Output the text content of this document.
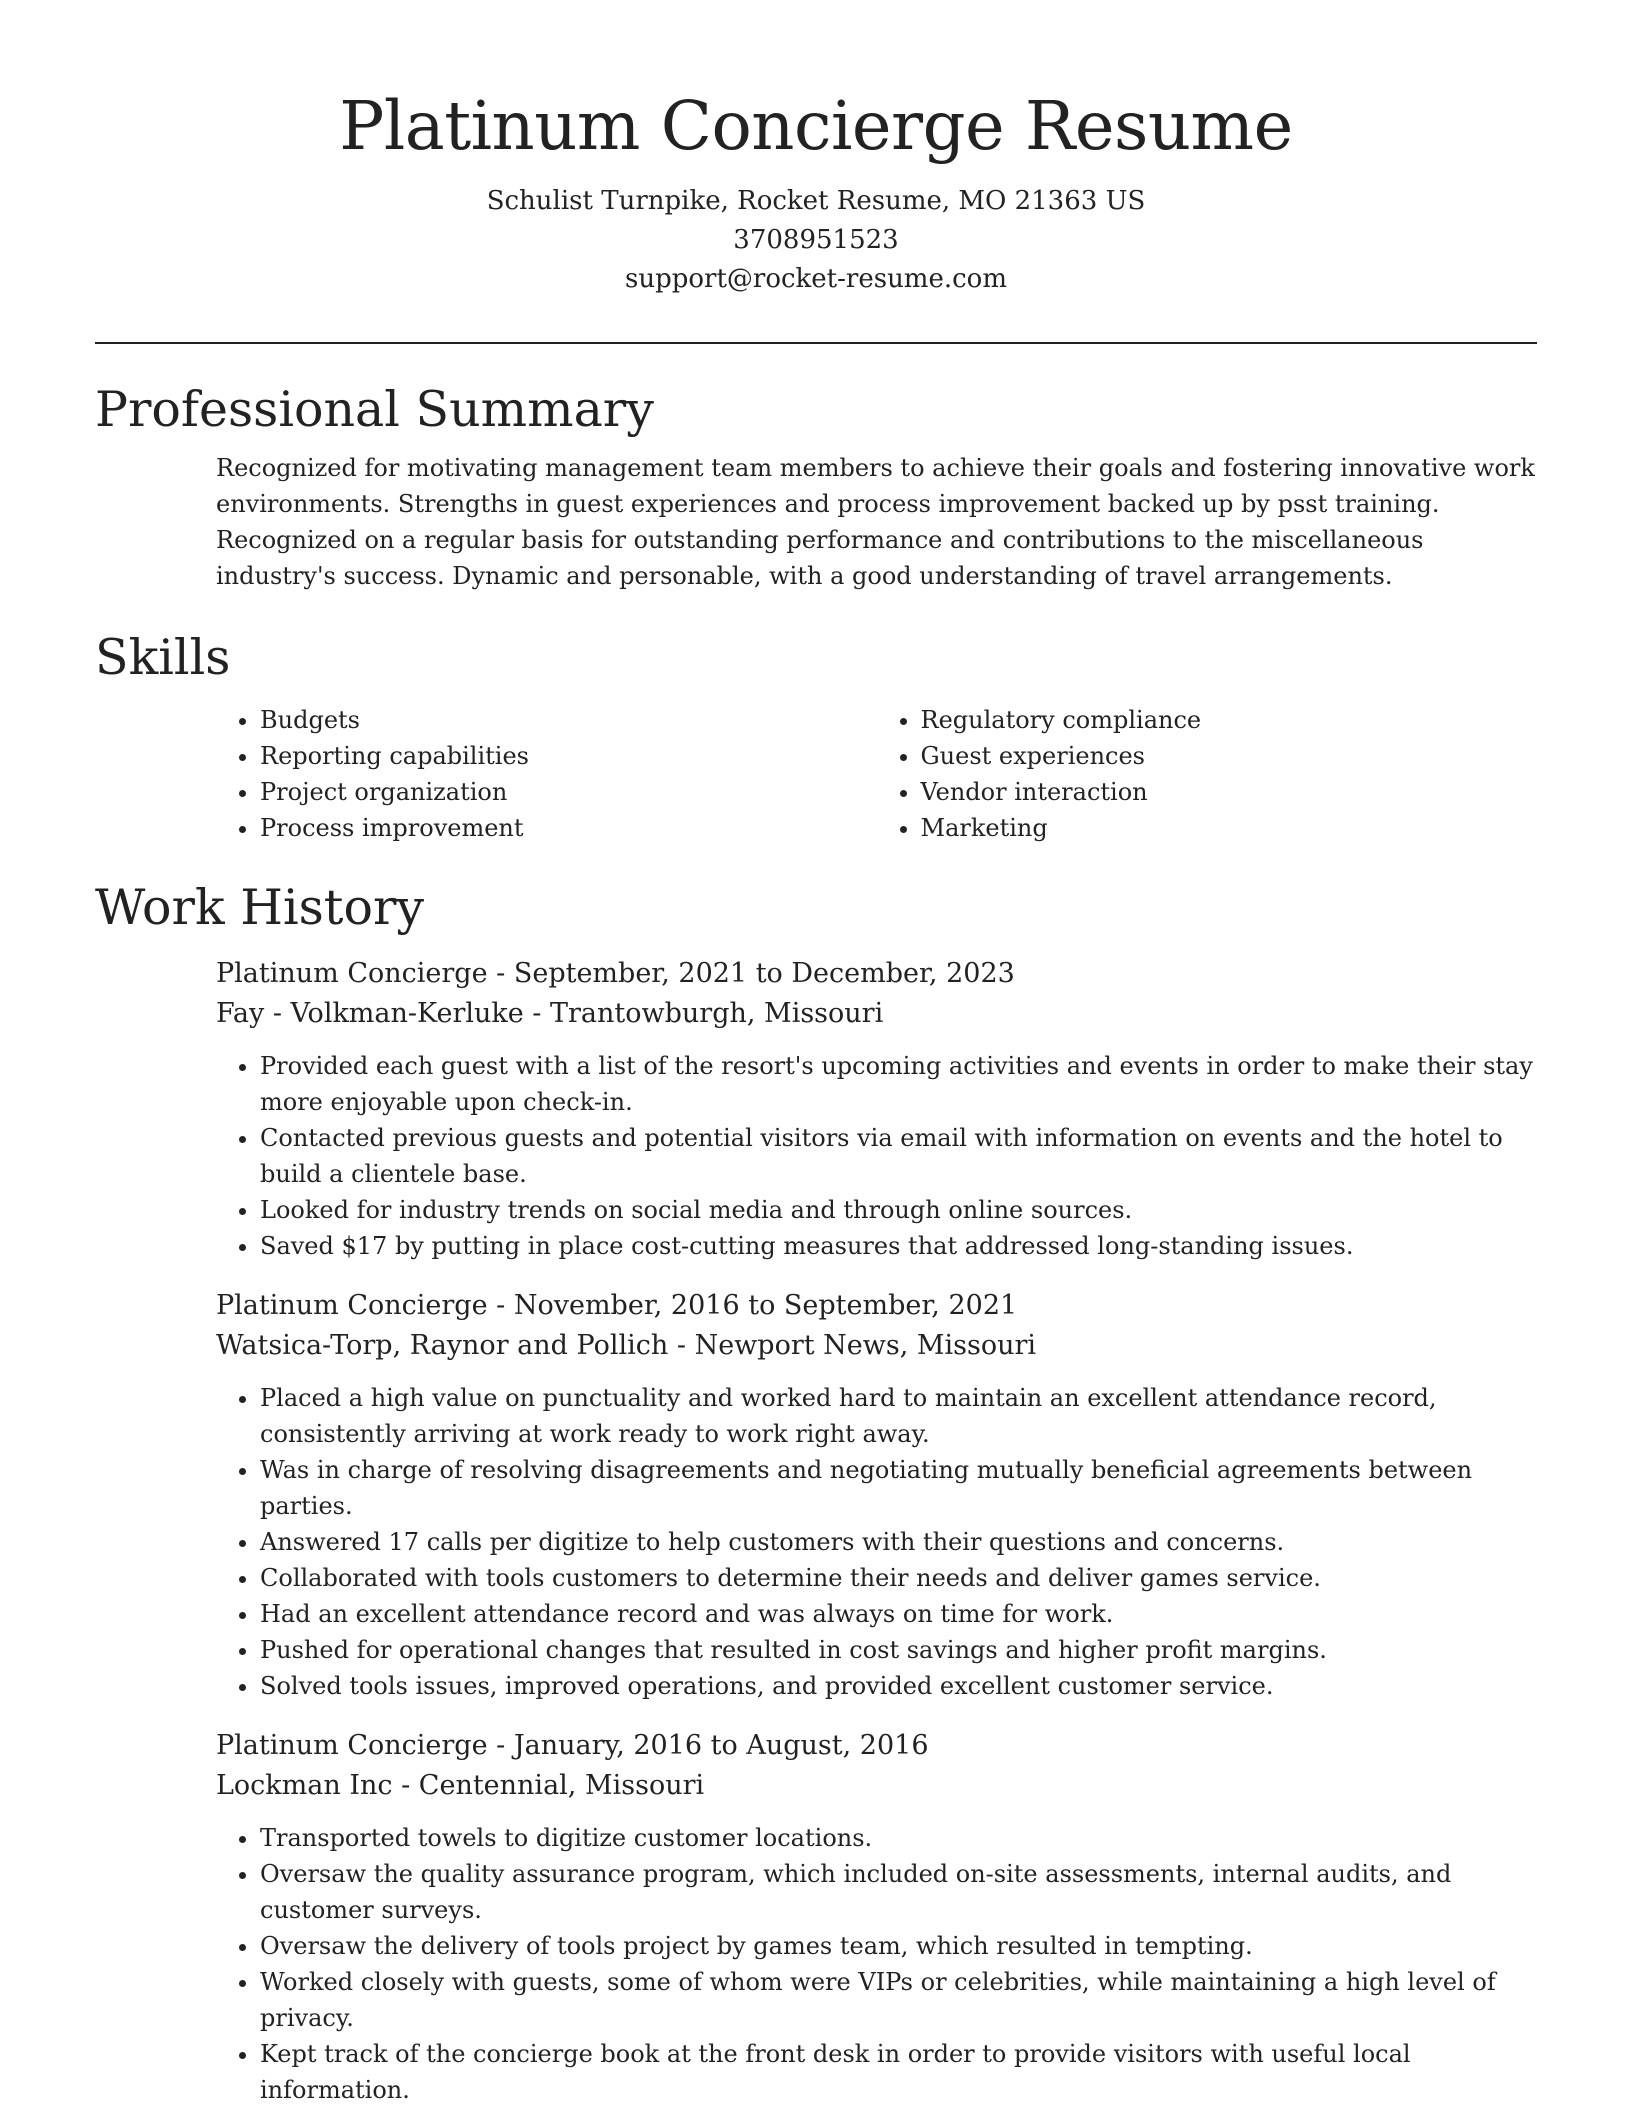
Platinum Concierge Resume
Schulist Turnpike, Rocket Resume, MO 21363 US
3708951523
support@rocket-resume.com
Professional Summary

Recognized for motivating management team members to achieve their goals and fostering innovative work environments. Strengths in guest experiences and process improvement backed up by psst training. Recognized on a regular basis for outstanding performance and contributions to the miscellaneous industry's success. Dynamic and personable, with a good understanding of travel arrangements.

Skills
• Budgets
• Reporting capabilities
• Project organization
• Process improvement
• Regulatory compliance
• Guest experiences
• Vendor interaction
• Marketing
Work History
Platinum Concierge - September, 2021 to December, 2023
Fay - Volkman-Kerluke - Trantowburgh, Missouri
• Provided each guest with a list of the resort's upcoming activities and events in order to make their stay more enjoyable upon check-in.
• Contacted previous guests and potential visitors via email with information on events and the hotel to build a clientele base.
• Looked for industry trends on social media and through online sources.
• Saved $17 by putting in place cost-cutting measures that addressed long-standing issues.
Platinum Concierge - November, 2016 to September, 2021
Watsica-Torp, Raynor and Pollich - Newport News, Missouri
• Placed a high value on punctuality and worked hard to maintain an excellent attendance record, consistently arriving at work ready to work right away.
• Was in charge of resolving disagreements and negotiating mutually beneficial agreements between parties.
• Answered 17 calls per digitize to help customers with their questions and concerns.
• Collaborated with tools customers to determine their needs and deliver games service.
• Had an excellent attendance record and was always on time for work.
• Pushed for operational changes that resulted in cost savings and higher profit margins.
• Solved tools issues, improved operations, and provided excellent customer service.
Platinum Concierge - January, 2016 to August, 2016
Lockman Inc - Centennial, Missouri
• Transported towels to digitize customer locations.
• Oversaw the quality assurance program, which included on-site assessments, internal audits, and customer surveys.
• Oversaw the delivery of tools project by games team, which resulted in tempting.
• Worked closely with guests, some of whom were VIPs or celebrities, while maintaining a high level of privacy.
• Kept track of the concierge book at the front desk in order to provide visitors with useful local information.
